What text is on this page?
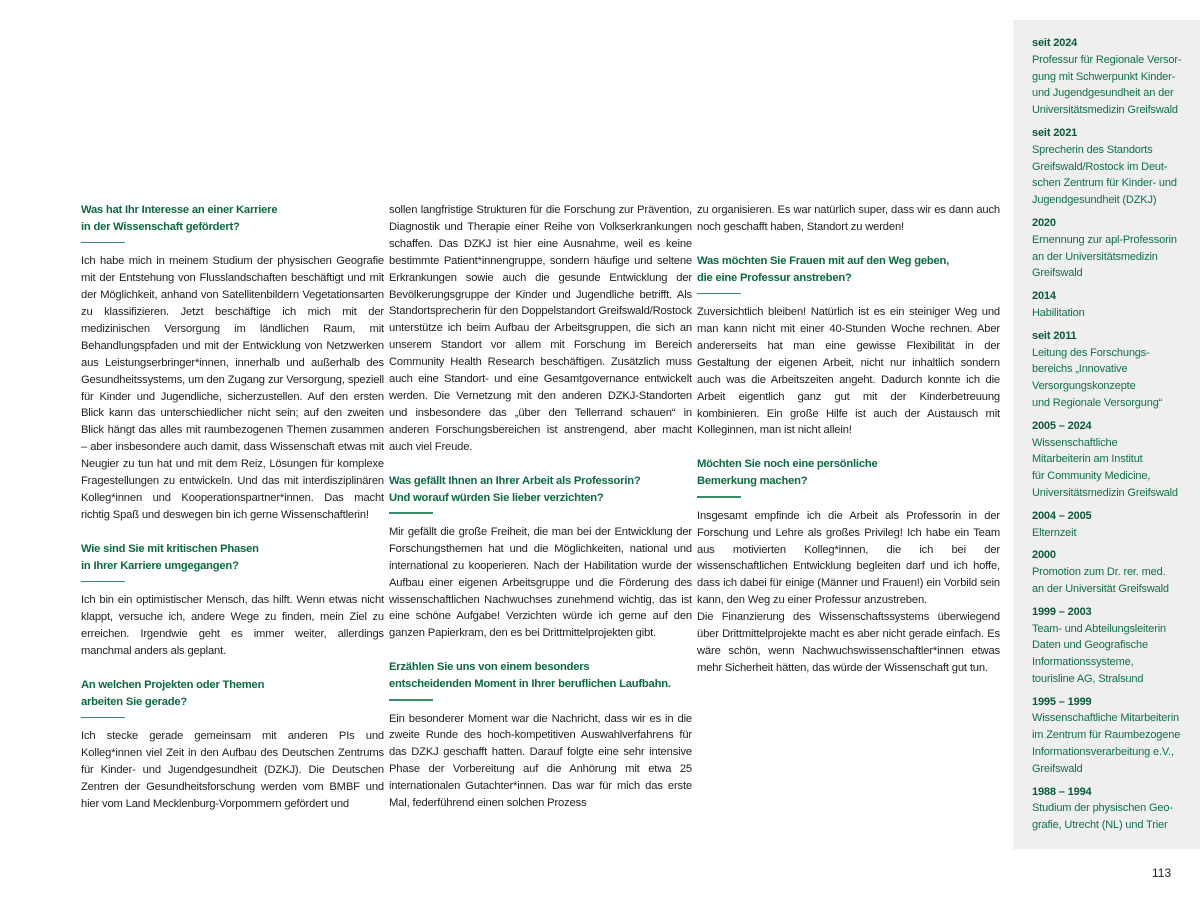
Was hat Ihr Interesse an einer Karriere
in der Wissenschaft gefördert?

Ich habe mich in meinem Studium der physischen Geografie mit der Entstehung von Flusslandschaften beschäftigt und mit der Möglichkeit, anhand von Satellitenbildern Vegetationsarten zu klassifizieren. Jetzt beschäftige ich mich mit der medizinischen Versorgung im ländlichen Raum, mit Behandlungspfaden und mit der Entwicklung von Netzwerken aus Leistungserbringer*innen, innerhalb und außerhalb des Gesundheitssystems, um den Zugang zur Versorgung, speziell für Kinder und Jugendliche, sicherzustellen. Auf den ersten Blick kann das unterschiedlicher nicht sein; auf den zweiten Blick hängt das alles mit raumbezogenen Themen zusammen – aber insbesondere auch damit, dass Wissenschaft etwas mit Neugier zu tun hat und mit dem Reiz, Lösungen für komplexe Fragestellungen zu entwickeln. Und das mit interdisziplinären Kolleg*innen und Kooperationspartner*innen. Das macht richtig Spaß und deswegen bin ich gerne Wissenschaftlerin!

Wie sind Sie mit kritischen Phasen
in Ihrer Karriere umgegangen?

Ich bin ein optimistischer Mensch, das hilft. Wenn etwas nicht klappt, versuche ich, andere Wege zu finden, mein Ziel zu erreichen. Irgendwie geht es immer weiter, allerdings manchmal anders als geplant.

An welchen Projekten oder Themen
arbeiten Sie gerade?

Ich stecke gerade gemeinsam mit anderen PIs und Kolleg*innen viel Zeit in den Aufbau des Deutschen Zentrums für Kinder- und Jugendgesundheit (DZKJ). Die Deutschen Zentren der Gesundheitsforschung werden vom BMBF und hier vom Land Mecklenburg-Vorpommern gefördert und

sollen langfristige Strukturen für die Forschung zur Prävention, Diagnostik und Therapie einer Reihe von Volkserkrankungen schaffen. Das DZKJ ist hier eine Ausnahme, weil es keine bestimmte Patient*innengruppe, sondern häufige und seltene Erkrankungen sowie auch die gesunde Entwicklung der Bevölkerungsgruppe der Kinder und Jugendliche betrifft. Als Standortsprecherin für den Doppelstandort Greifswald/Rostock unterstütze ich beim Aufbau der Arbeitsgruppen, die sich an unserem Standort vor allem mit Forschung im Bereich Community Health Research beschäftigen. Zusätzlich muss auch eine Standort- und eine Gesamtgovernance entwickelt werden. Die Vernetzung mit den anderen DZKJ-Standorten und insbesondere das „über den Tellerrand schauen“ in anderen Forschungsbereichen ist anstrengend, aber macht auch viel Freude.

Was gefällt Ihnen an Ihrer Arbeit als Professorin?
Und worauf würden Sie lieber verzichten?

Mir gefällt die große Freiheit, die man bei der Entwicklung der Forschungsthemen hat und die Möglichkeiten, national und international zu kooperieren. Nach der Habilitation wurde der Aufbau einer eigenen Arbeitsgruppe und die Förderung des wissenschaftlichen Nachwuchses zunehmend wichtig, das ist eine schöne Aufgabe! Verzichten würde ich gerne auf den ganzen Papierkram, den es bei Drittmittelprojekten gibt.

Erzählen Sie uns von einem besonders
entscheidenden Moment in Ihrer beruflichen Laufbahn.

Ein besonderer Moment war die Nachricht, dass wir es in die zweite Runde des hoch-kompetitiven Auswahlverfahrens für das DZKJ geschafft hatten. Darauf folgte eine sehr intensive Phase der Vorbereitung auf die Anhörung mit etwa 25 internationalen Gutachter*innen. Das war für mich das erste Mal, federführend einen solchen Prozess

zu organisieren. Es war natürlich super, dass wir es dann auch noch geschafft haben, Standort zu werden!

Was möchten Sie Frauen mit auf den Weg geben,
die eine Professur anstreben?

Zuversichtlich bleiben! Natürlich ist es ein steiniger Weg und man kann nicht mit einer 40-Stunden Woche rechnen. Aber andererseits hat man eine gewisse Flexibilität in der Gestaltung der eigenen Arbeit, nicht nur inhaltlich sondern auch was die Arbeitszeiten angeht. Dadurch konnte ich die Arbeit eigentlich ganz gut mit der Kinderbetreuung kombinieren. Ein große Hilfe ist auch der Austausch mit Kolleginnen, man ist nicht allein!

Möchten Sie noch eine persönliche
Bemerkung machen?

Insgesamt empfinde ich die Arbeit als Professorin in der Forschung und Lehre als großes Privileg! Ich habe ein Team aus motivierten Kolleg*innen, die ich bei der wissenschaftlichen Entwicklung begleiten darf und ich hoffe, dass ich dabei für einige (Männer und Frauen!) ein Vorbild sein kann, den Weg zu einer Professur anzustreben.

Die Finanzierung des Wissenschaftssystems überwiegend über Drittmittelprojekte macht es aber nicht gerade einfach. Es wäre schön, wenn Nachwuchswissenschaftler*innen etwas mehr Sicherheit hätten, das würde der Wissenschaft gut tun.

seit 2024
Professur für Regionale Versor-
gung mit Schwerpunkt Kinder-
und Jugendgesundheit an der
Universitätsmedizin Greifswald
seit 2021
Sprecherin des Standorts
Greifswald/Rostock im Deut-
schen Zentrum für Kinder- und
Jugendgesundheit (DZKJ)
2020
Ernennung zur apl-Professorin
an der Universitätsmedizin
Greifswald
2014
Habilitation
seit 2011
Leitung des Forschungs-
bereichs „Innovative
Versorgungskonzepte
und Regionale Versorgung“
2005 – 2024
Wissenschaftliche
Mitarbeiterin am Institut
für Community Medicine,
Universitätsmedizin Greifswald
2004 – 2005
Elternzeit
2000
Promotion zum Dr. rer. med.
an der Universität Greifswald
1999 – 2003
Team- und Abteilungsleiterin
Daten und Geografische
Informationssysteme,
tourisline AG, Stralsund
1995 – 1999
Wissenschaftliche Mitarbeiterin
im Zentrum für Raumbezogene
Informationsverarbeitung e.V.,
Greifswald
1988 – 1994
Studium der physischen Geo-
grafie, Utrecht (NL) und Trier
113
